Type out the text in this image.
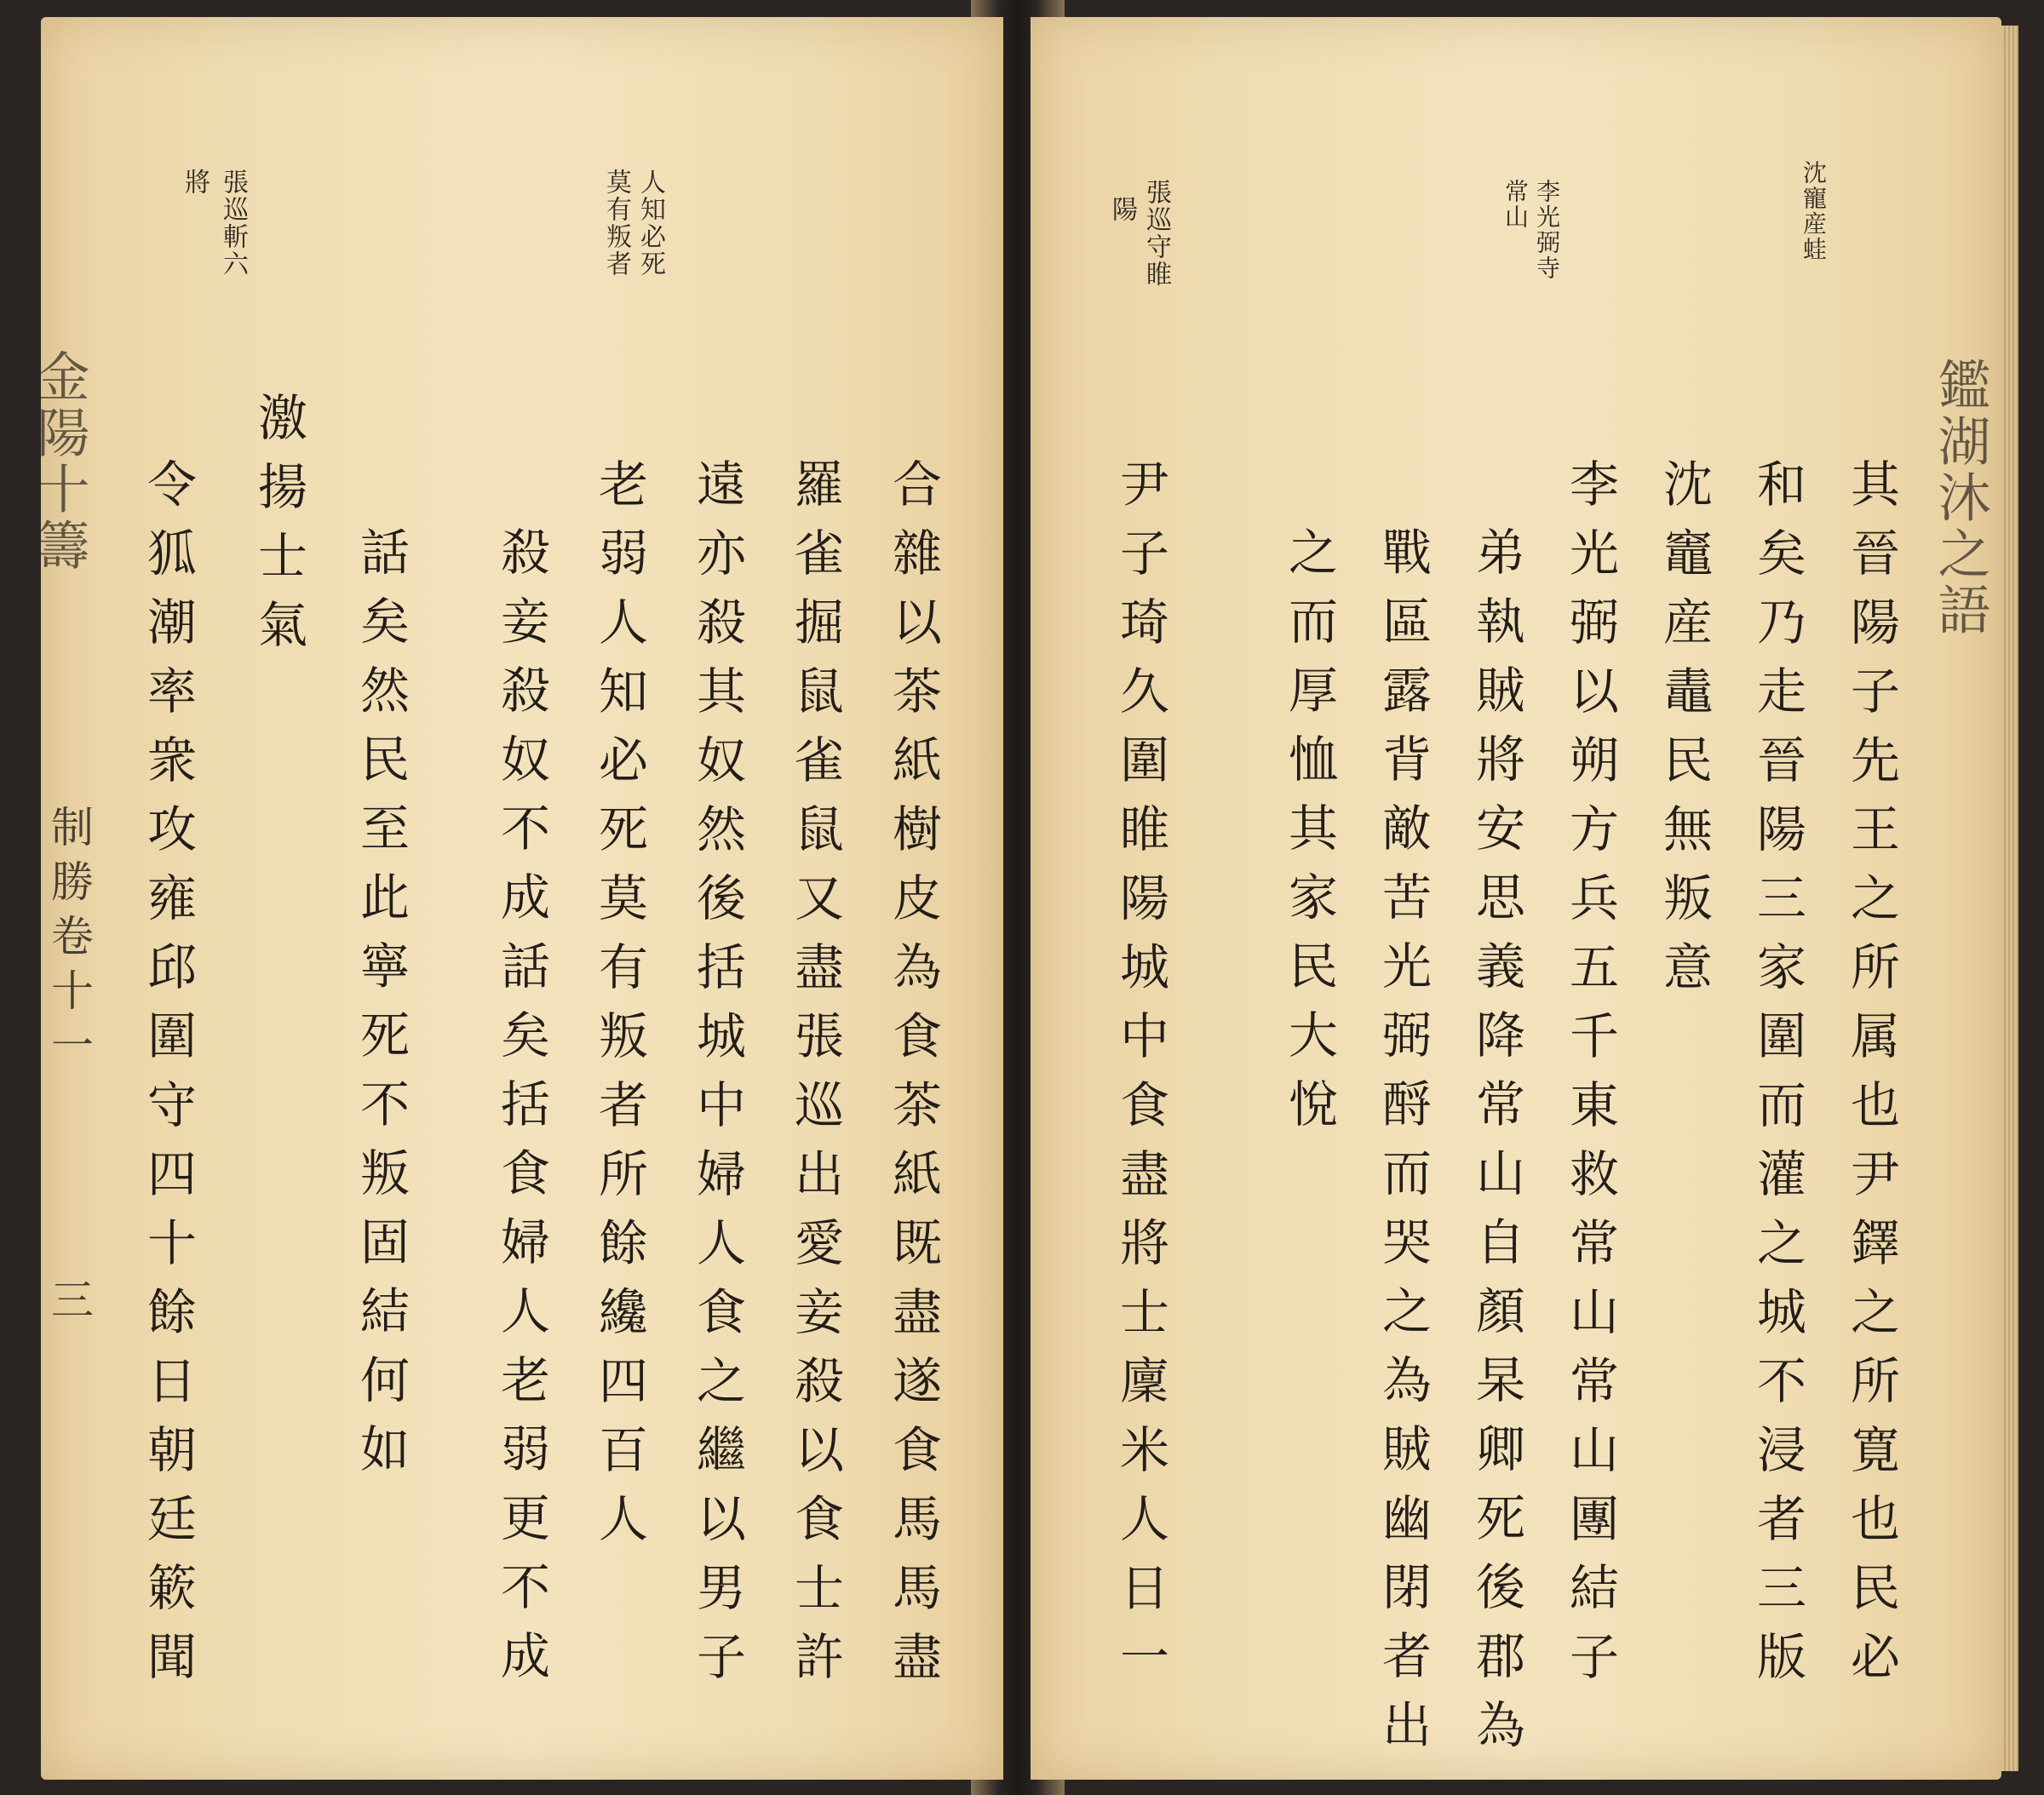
人知必死
莫有叛者
張巡斬六
將
合雜以茶紙樹皮為食茶紙既盡遂食馬馬盡
羅雀掘鼠雀鼠又盡張巡出愛妾殺以食士許
遠亦殺其奴然後括城中婦人食之繼以男子
老弱人知必死莫有叛者所餘纔四百人
殺妾殺奴不成話矣括食婦人老弱更不成
話矣然民至此寧死不叛固結何如
激揚士氣
令狐潮率衆攻雍邱圍守四十餘日朝廷簌聞
金陽十籌
制勝卷十一
三
鑑湖沐之語
沈寵産蛙
李光弼寺
常山
張巡守睢
陽
其晉陽子先王之所属也尹鐸之所寛也民必
和矣乃走晉陽三家圍而灌之城不浸者三版
沈竈産鼃民無叛意
李光弼以朔方兵五千東救常山常山團結子
弟執賊將安思義降常山自顏杲卿死後郡為
戰區露背敵苦光弼酹而哭之為賊幽閉者出
之而厚恤其家民大悅
尹子琦久圍睢陽城中食盡將士廩米人日一
